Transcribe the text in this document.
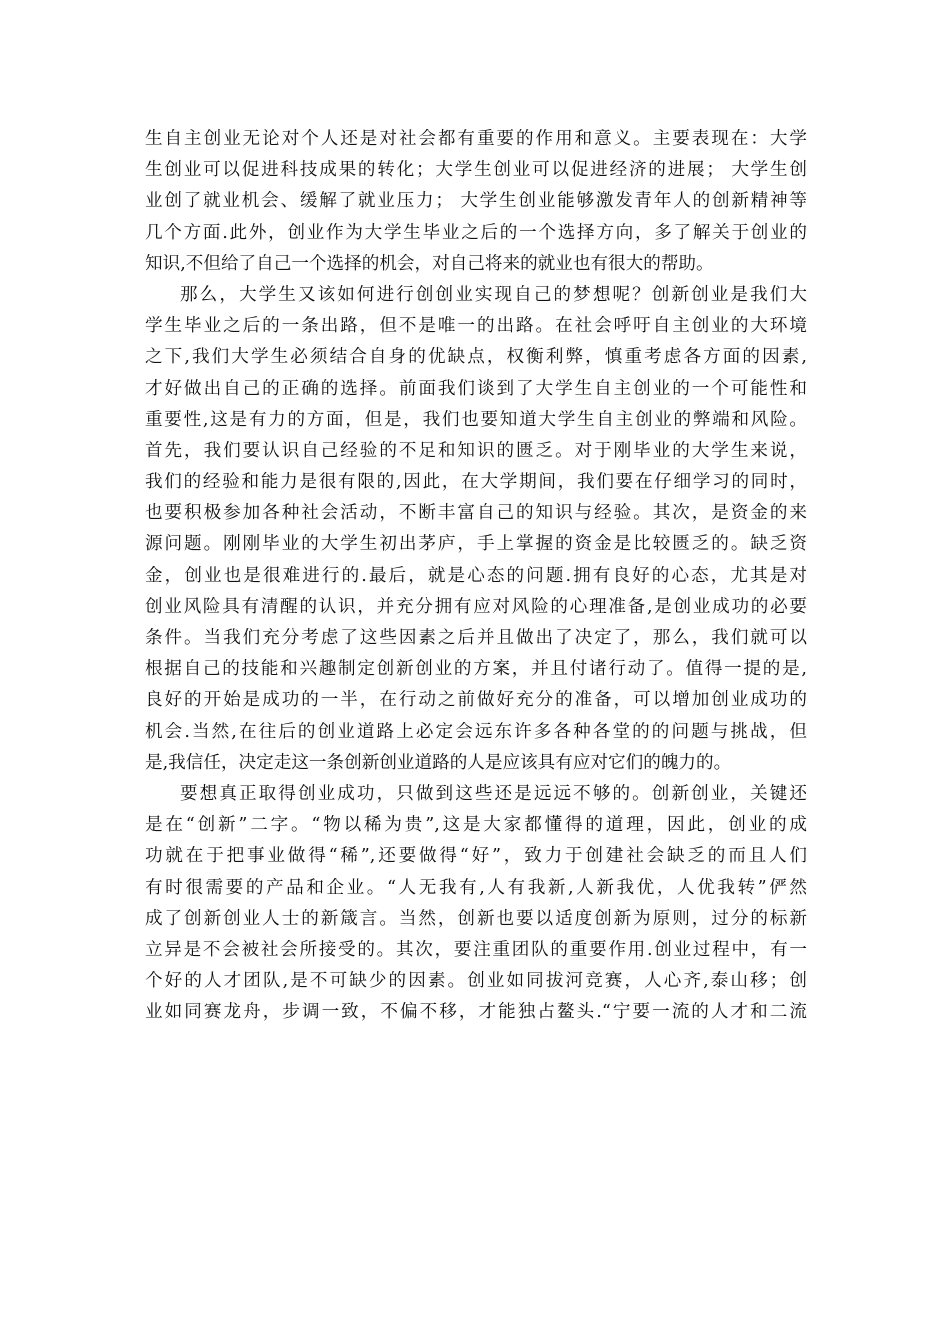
生自主创业无论对个人还是对社会都有重要的作用和意义。主要表现在：大学
生创业可以促进科技成果的转化；大学生创业可以促进经济的进展； 大学生创
业创了就业机会、缓解了就业压力； 大学生创业能够激发青年人的创新精神等
几个方面.此外，创业作为大学生毕业之后的一个选择方向，多了解关于创业的
知识,不但给了自己一个选择的机会，对自己将来的就业也有很大的帮助。
那么，大学生又该如何进行创创业实现自己的梦想呢？创新创业是我们大
学生毕业之后的一条出路，但不是唯一的出路。在社会呼吁自主创业的大环境
之下,我们大学生必须结合自身的优缺点，权衡利弊，慎重考虑各方面的因素,
才好做出自己的正确的选择。前面我们谈到了大学生自主创业的一个可能性和
重要性,这是有力的方面，但是，我们也要知道大学生自主创业的弊端和风险。
首先，我们要认识自己经验的不足和知识的匮乏。对于刚毕业的大学生来说，
我们的经验和能力是很有限的,因此，在大学期间，我们要在仔细学习的同时，
也要积极参加各种社会活动，不断丰富自己的知识与经验。其次，是资金的来
源问题。刚刚毕业的大学生初出茅庐，手上掌握的资金是比较匮乏的。缺乏资
金，创业也是很难进行的.最后，就是心态的问题.拥有良好的心态，尤其是对
创业风险具有清醒的认识，并充分拥有应对风险的心理准备,是创业成功的必要
条件。当我们充分考虑了这些因素之后并且做出了决定了，那么，我们就可以
根据自己的技能和兴趣制定创新创业的方案，并且付诸行动了。值得一提的是,
良好的开始是成功的一半，在行动之前做好充分的准备，可以增加创业成功的
机会.当然,在往后的创业道路上必定会远东许多各种各堂的的问题与挑战，但
是,我信任，决定走这一条创新创业道路的人是应该具有应对它们的魄力的。
要想真正取得创业成功，只做到这些还是远远不够的。创新创业，关键还
是在“创新”二字。“物以稀为贵”,这是大家都懂得的道理，因此，创业的成
功就在于把事业做得“稀”,还要做得“好”，致力于创建社会缺乏的而且人们
有时很需要的产品和企业。“人无我有,人有我新,人新我优，人优我转”俨然
成了创新创业人士的新箴言。当然，创新也要以适度创新为原则，过分的标新
立异是不会被社会所接受的。其次，要注重团队的重要作用.创业过程中，有一
个好的人才团队,是不可缺少的因素。创业如同拔河竞赛，人心齐,泰山移；创
业如同赛龙舟，步调一致，不偏不移，才能独占鳌头.“宁要一流的人才和二流
